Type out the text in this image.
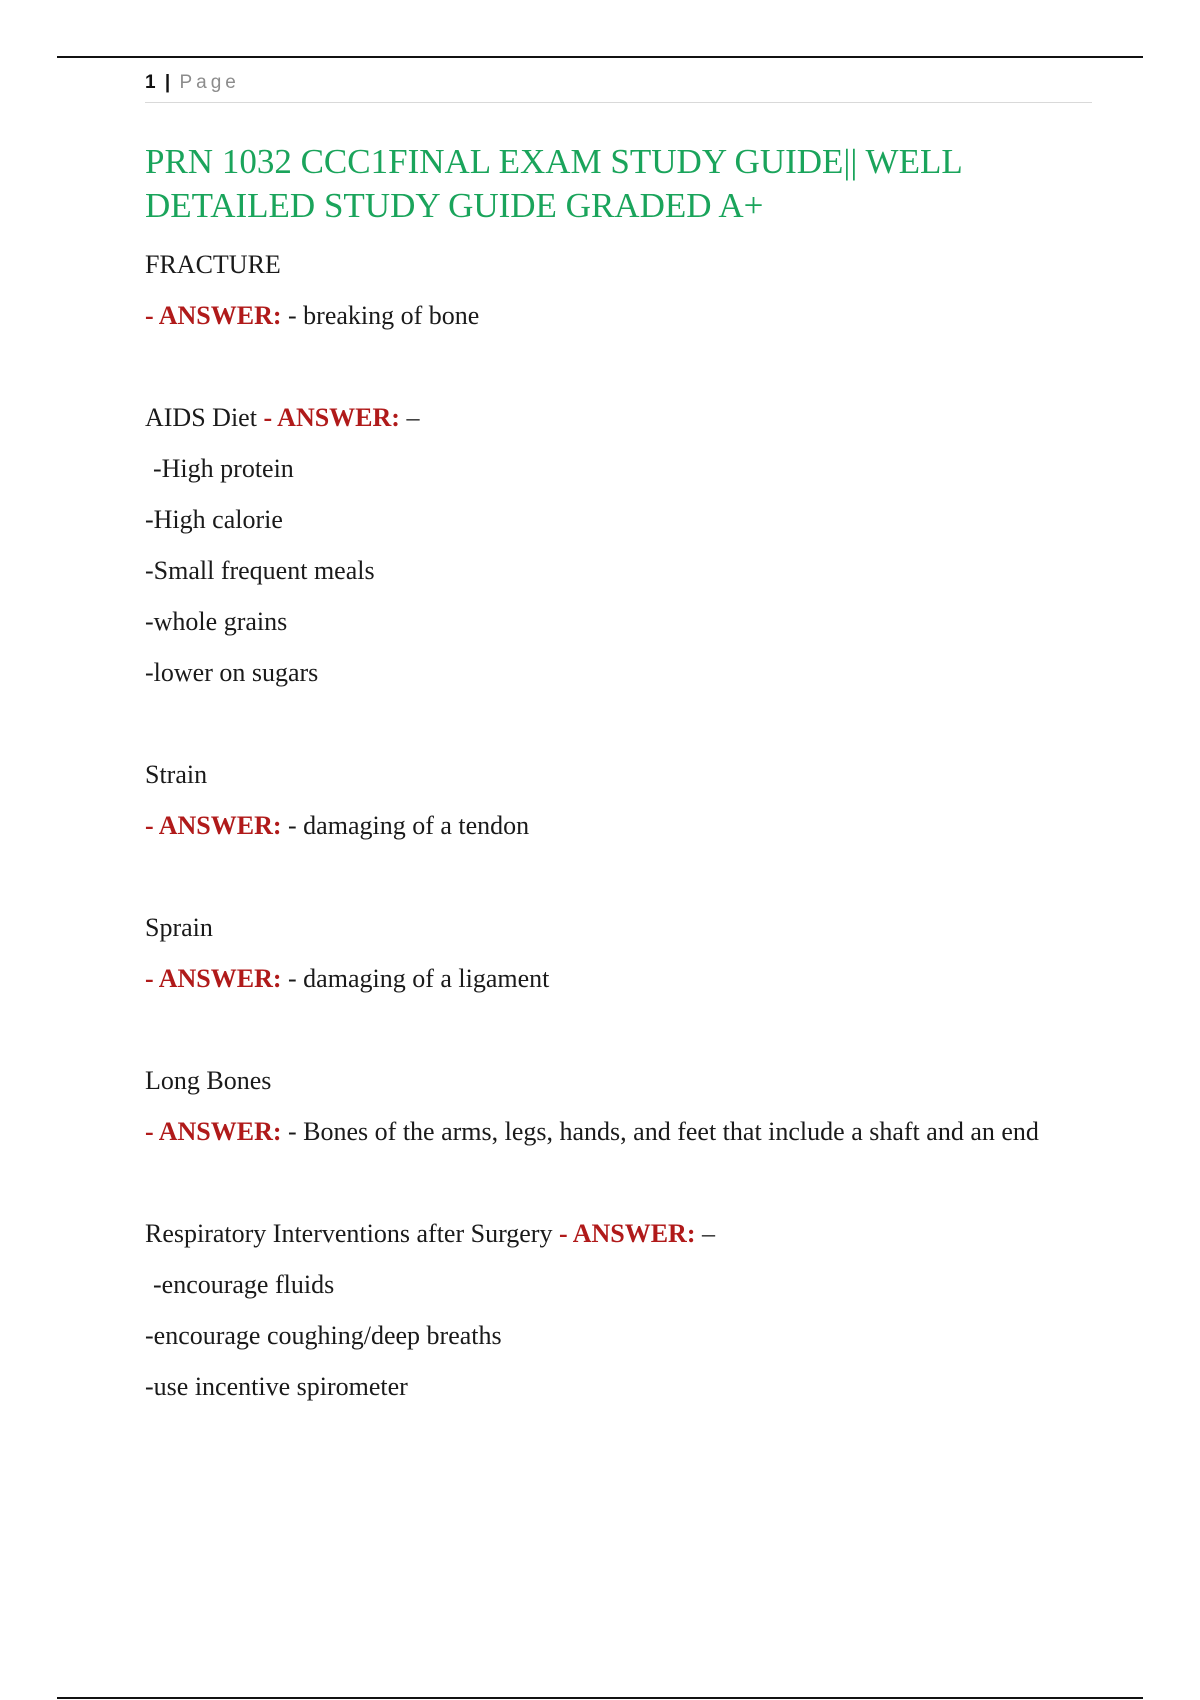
1 | Page
PRN 1032 CCC1FINAL EXAM STUDY GUIDE|| WELL
DETAILED STUDY GUIDE GRADED A+

FRACTURE

- ANSWER: - breaking of bone

AIDS Diet - ANSWER: –

-High protein

-High calorie

-Small frequent meals

-whole grains

-lower on sugars

Strain

- ANSWER: - damaging of a tendon

Sprain

- ANSWER: - damaging of a ligament

Long Bones

- ANSWER: - Bones of the arms, legs, hands, and feet that include a shaft and an end

Respiratory Interventions after Surgery - ANSWER: –

-encourage fluids

-encourage coughing/deep breaths

-use incentive spirometer
